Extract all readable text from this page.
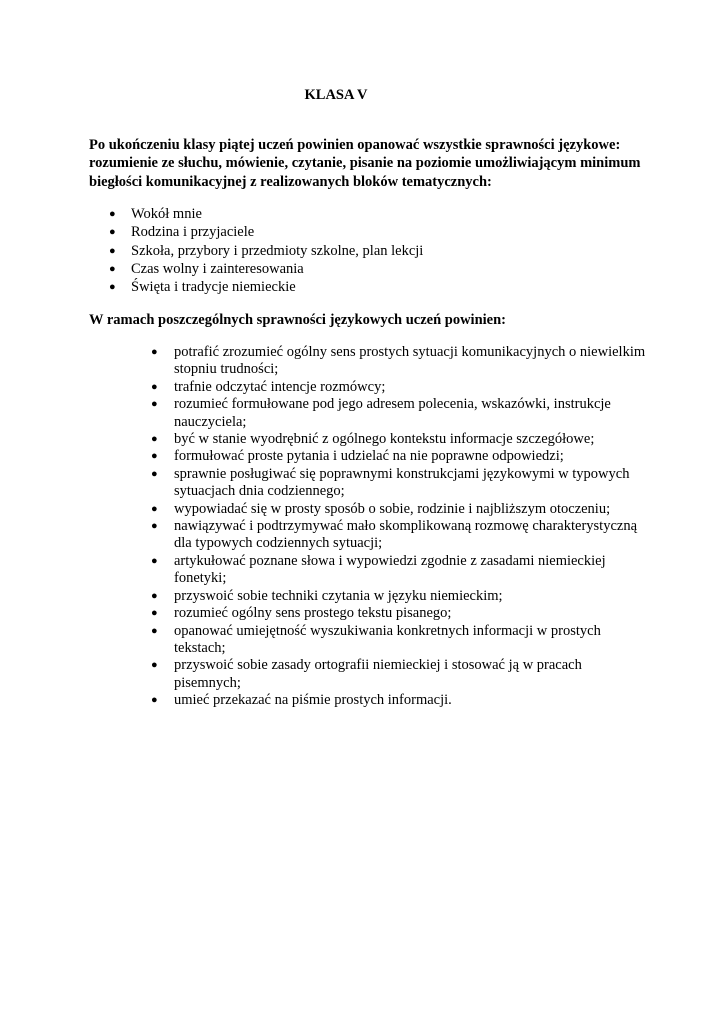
KLASA V
Po ukończeniu klasy piątej uczeń powinien opanować wszystkie sprawności językowe: rozumienie ze słuchu, mówienie, czytanie, pisanie na poziomie umożliwiającym minimum biegłości komunikacyjnej z realizowanych bloków tematycznych:
● Wokół mnie
● Rodzina i przyjaciele
● Szkoła, przybory i przedmioty szkolne, plan lekcji
● Czas wolny i zainteresowania
● Święta i tradycje niemieckie
W ramach poszczególnych sprawności językowych uczeń powinien:
● potrafić zrozumieć ogólny sens prostych sytuacji komunikacyjnych o niewielkim stopniu trudności;
● trafnie odczytać intencje rozmówcy;
● rozumieć formułowane pod jego adresem polecenia, wskazówki, instrukcje nauczyciela;
● być w stanie wyodrębnić z ogólnego kontekstu informacje szczegółowe;
● formułować proste pytania i udzielać na nie poprawne odpowiedzi;
● sprawnie posługiwać się poprawnymi konstrukcjami językowymi w typowych sytuacjach dnia codziennego;
● wypowiadać się w prosty sposób o sobie, rodzinie i najbliższym otoczeniu;
● nawiązywać i podtrzymywać mało skomplikowaną rozmowę charakterystyczną dla typowych codziennych sytuacji;
● artykułować poznane słowa i wypowiedzi zgodnie z zasadami niemieckiej fonetyki;
● przyswoić sobie techniki czytania w języku niemieckim;
● rozumieć ogólny sens prostego tekstu pisanego;
● opanować umiejętność wyszukiwania konkretnych informacji w prostych tekstach;
● przyswoić sobie zasady ortografii niemieckiej i stosować ją w pracach pisemnych;
● umieć przekazać na piśmie prostych informacji.
